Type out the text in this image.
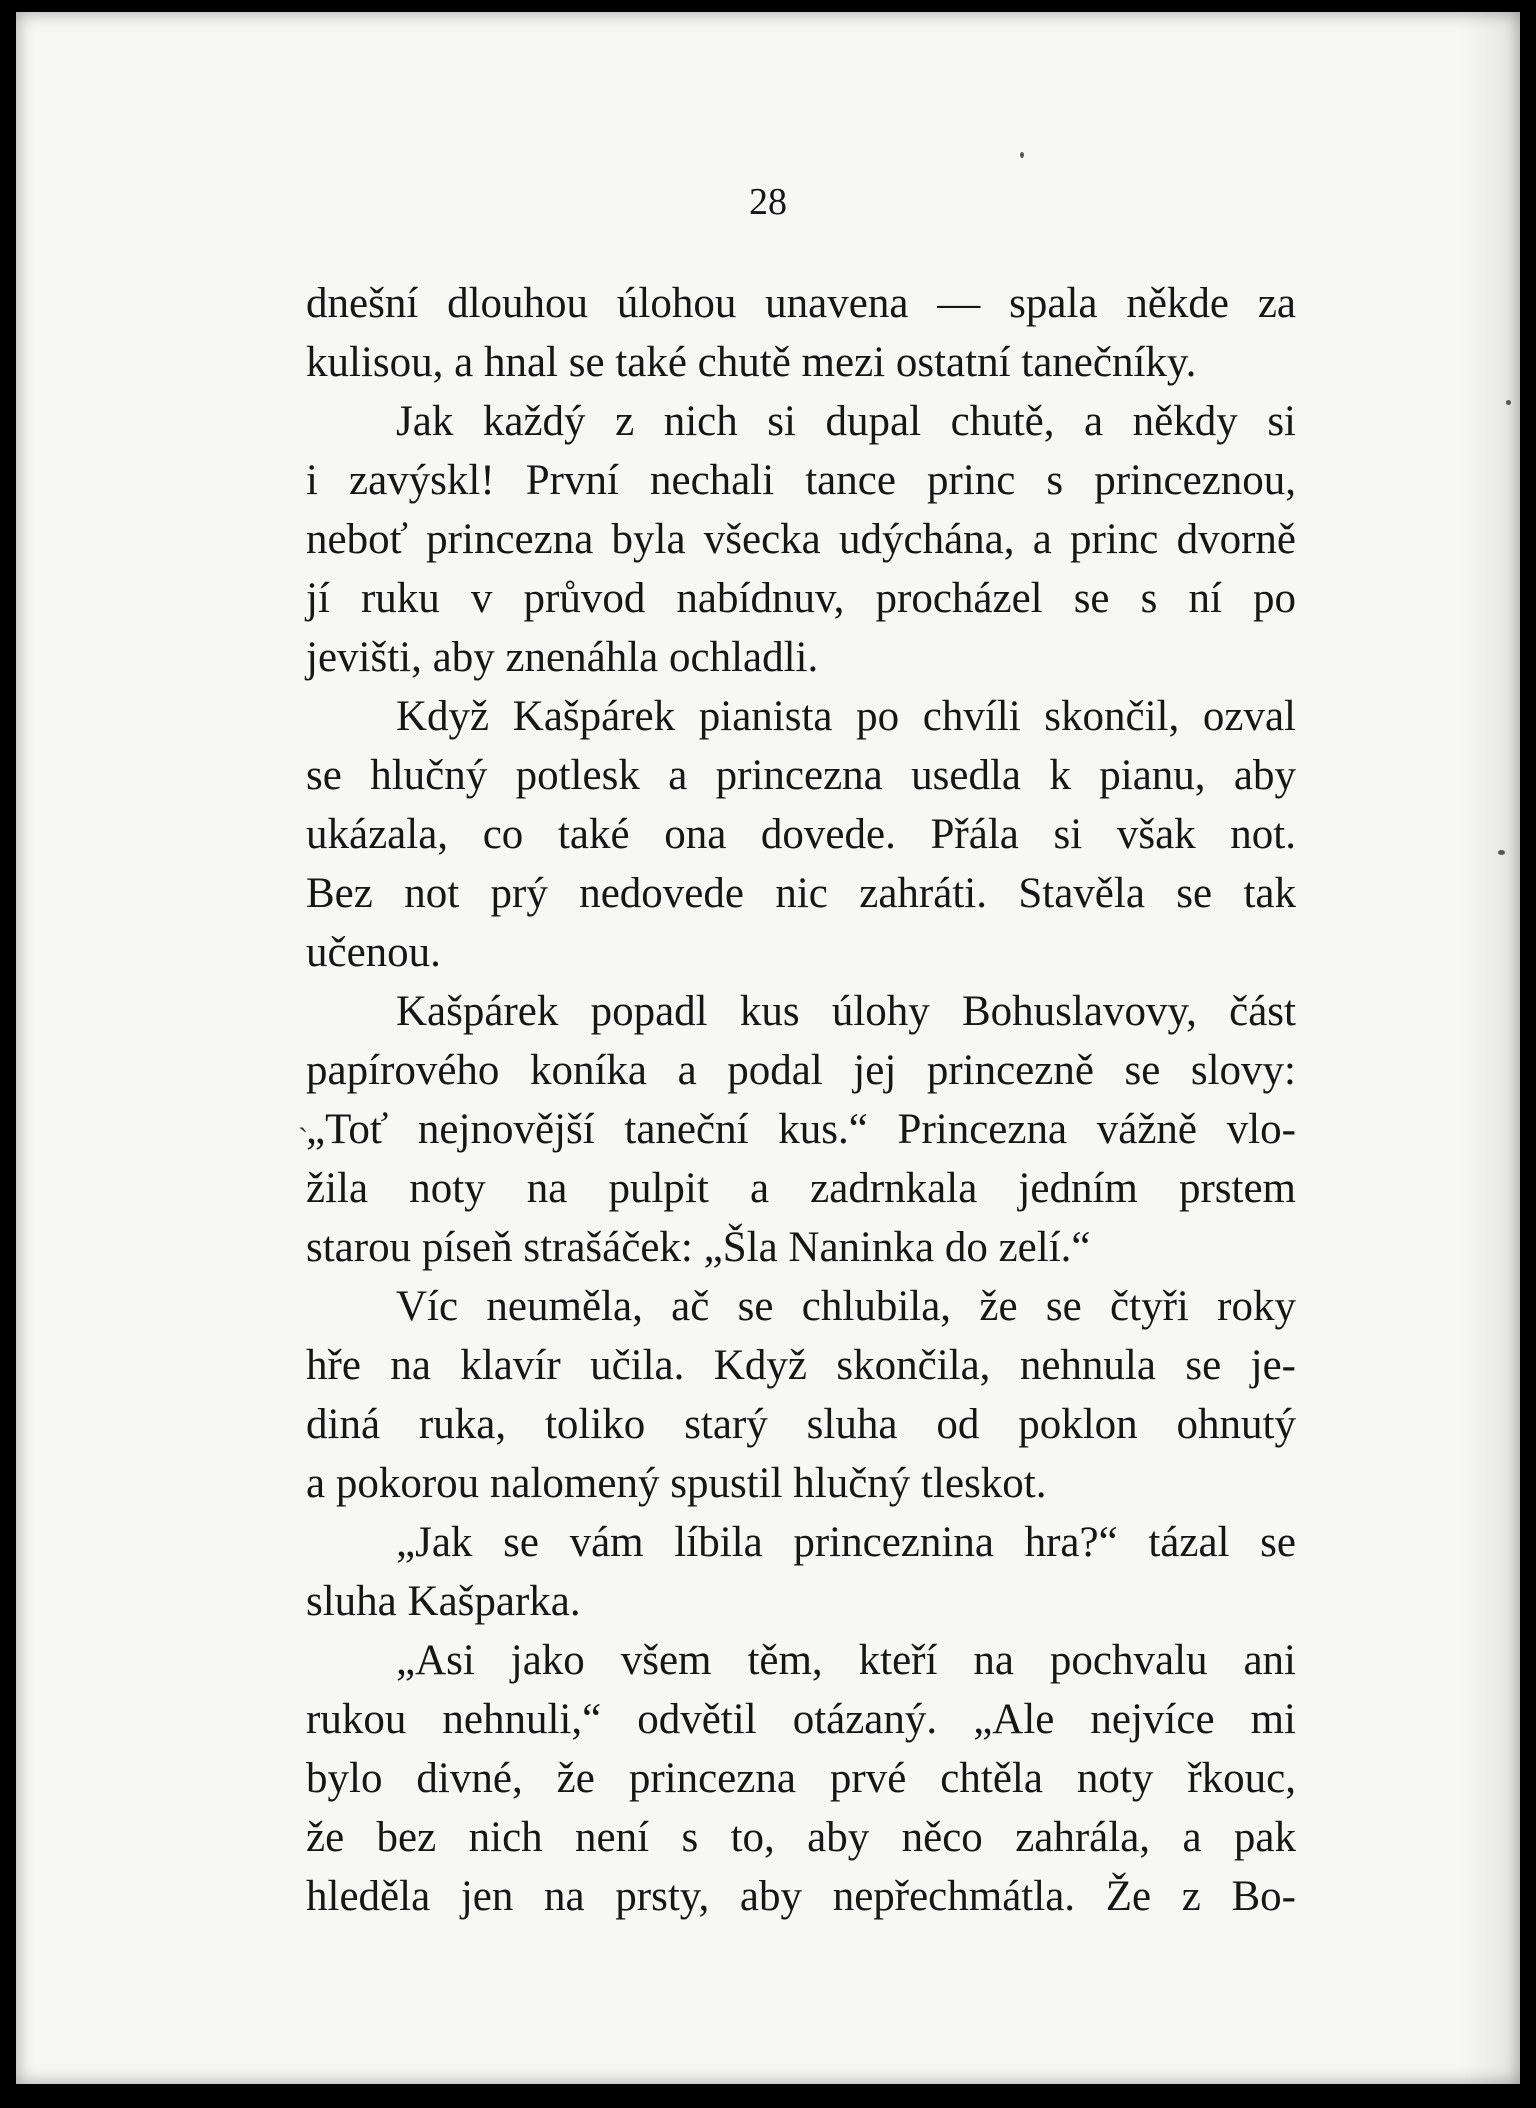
28

dnešní dlouhou úlohou unavena — spala někde za
kulisou, a hnal se také chutě mezi ostatní tanečníky.
Jak každý z nich si dupal chutě, a někdy si
i zavýskl! První nechali tance princ s princeznou,
neboť princezna byla všecka udýchána, a princ dvorně
jí ruku v průvod nabídnuv, procházel se s ní po
jevišti, aby znenáhla ochladli.
Když Kašpárek pianista po chvíli skončil, ozval
se hlučný potlesk a princezna usedla k pianu, aby
ukázala, co také ona dovede. Přála si však not.
Bez not prý nedovede nic zahráti. Stavěla se tak
učenou.
Kašpárek popadl kus úlohy Bohuslavovy, část
papírového koníka a podal jej princezně se slovy:
„Toť nejnovější taneční kus.“ Princezna vážně vlo-
žila noty na pulpit a zadrnkala jedním prstem
starou píseň strašáček: „Šla Naninka do zelí.“
Víc neuměla, ač se chlubila, že se čtyři roky
hře na klavír učila. Když skončila, nehnula se je-
diná ruka, toliko starý sluha od poklon ohnutý
a pokorou nalomený spustil hlučný tleskot.
„Jak se vám líbila princeznina hra?“ tázal se
sluha Kašparka.
„Asi jako všem těm, kteří na pochvalu ani
rukou nehnuli,“ odvětil otázaný. „Ale nejvíce mi
bylo divné, že princezna prvé chtěla noty řkouc,
že bez nich není s to, aby něco zahrála, a pak
hleděla jen na prsty, aby nepřechmátla. Že z Bo-
`
